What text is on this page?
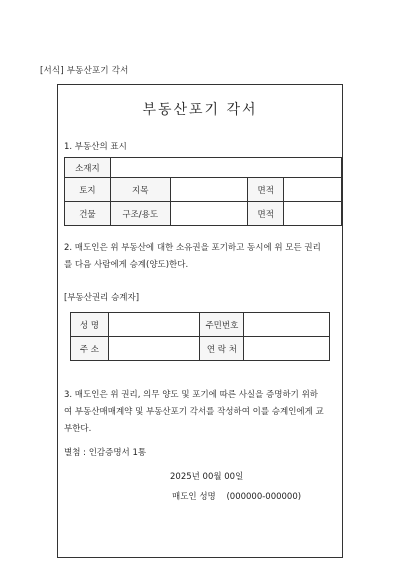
[서식] 부동산포기 각서
부동산포기 각서
1. 부동산의 표시
소재지				
토지	지목		면적	
건물	구조/용도		면적	
2. 매도인은 위 부동산에 대한 소유권을 포기하고 동시에 위 모든 권리
를 다음 사람에게 승계(양도)한다.
[부동산권리 승계자]
성 명		주민번호	
주 소		연 락 처	
3. 매도인은 위 권리, 의무 양도 및 포기에 따른 사실을 증명하기 위하
여 부동산매매계약 및 부동산포기 각서를 작성하여 이를 승계인에게 교
부한다.
별첨 : 인감증명서 1통
2025년 00월 00일
매도인 성명 (000000-000000)
